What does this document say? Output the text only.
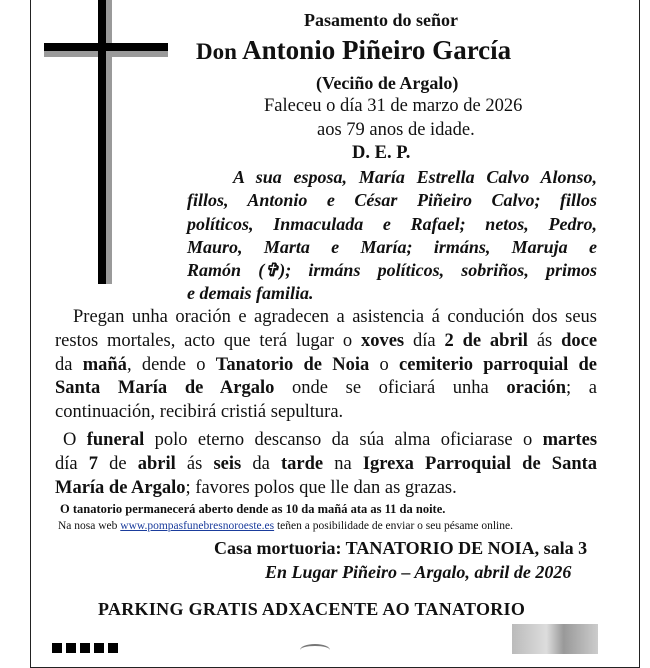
Pasamento do señor
Don Antonio Piñeiro García
(Veciño de Argalo)
Faleceu o día 31 de marzo de 2026
aos 79 anos de idade.
D. E. P.
A sua esposa, María Estrella Calvo Alonso,
fillos, Antonio e César Piñeiro Calvo; fillos
políticos, Inmaculada e Rafael; netos, Pedro,
Mauro, Marta e María; irmáns, Maruja e
Ramón (✞); irmáns políticos, sobriños, primos
e demais familia.
Pregan unha oración e agradecen a asistencia á condución dos seus
restos mortales, acto que terá lugar o xoves día 2 de abril ás doce
da mañá, dende o Tanatorio de Noia o cemiterio parroquial de
Santa María de Argalo onde se oficiará unha oración; a
continuación, recibirá cristiá sepultura.
O funeral polo eterno descanso da súa alma oficiarase o martes
día 7 de abril ás seis da tarde na Igrexa Parroquial de Santa
María de Argalo; favores polos que lle dan as grazas.
O tanatorio permanecerá aberto dende as 10 da mañá ata as 11 da noite.
Na nosa web www.pompasfunebresnoroeste.es teñen a posibilidade de enviar o seu pésame online.
Casa mortuoria: TANATORIO DE NOIA, sala 3
En Lugar Piñeiro – Argalo, abril de 2026
PARKING GRATIS ADXACENTE AO TANATORIO
